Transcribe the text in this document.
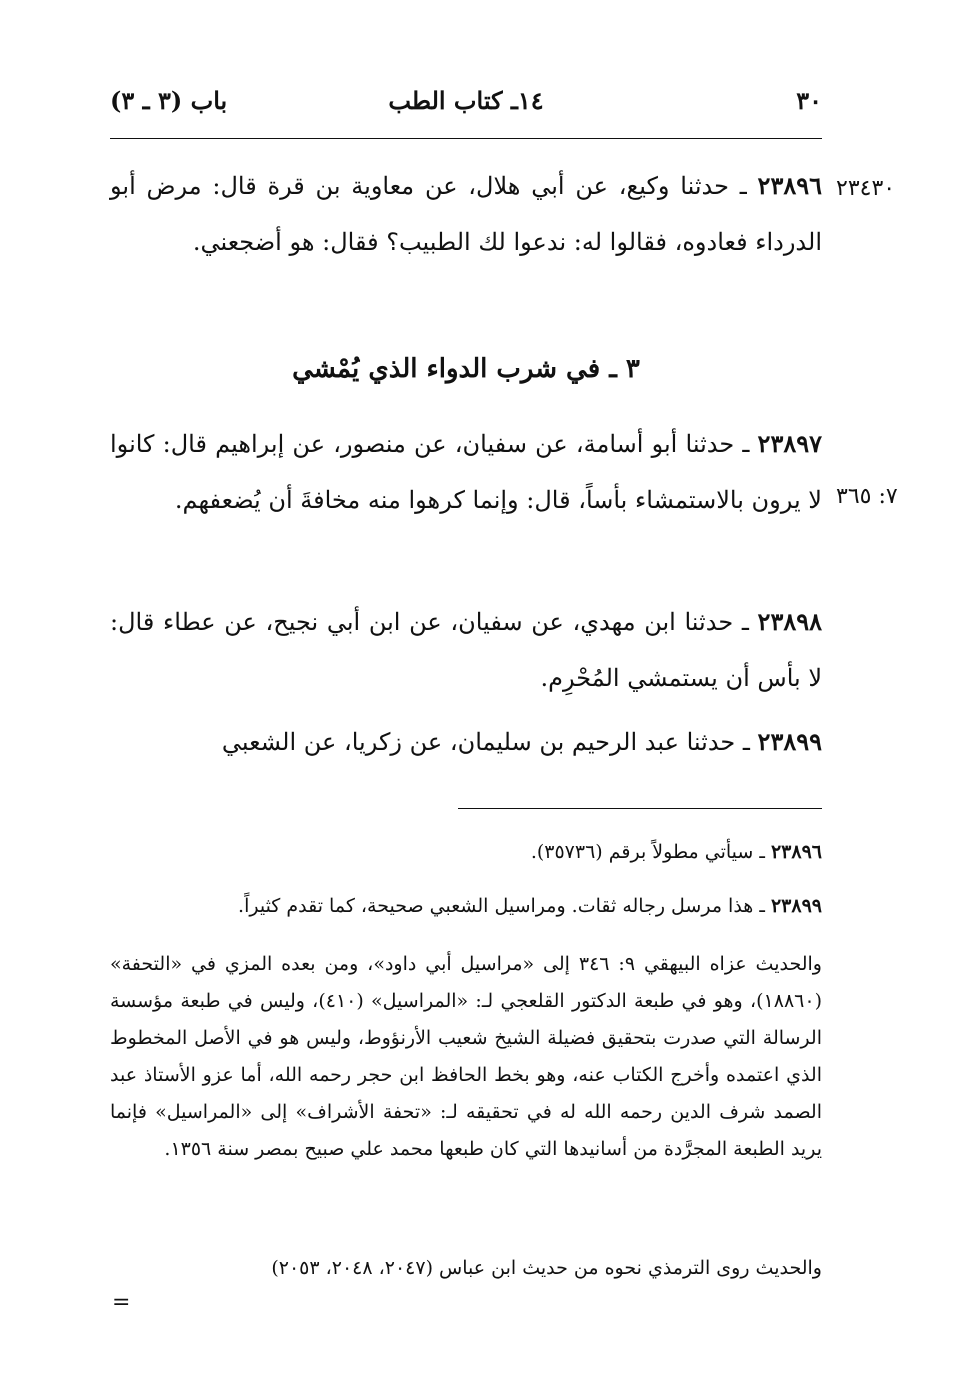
باب (٣ ـ ٣)	١٤ـ كتاب الطب	٣٠
٢٣٤٣٠
٧: ٣٦٥
٢٣٨٩٦ ـ حدثنا وكيع، عن أبي هلال، عن معاوية بن قرة قال: مرض أبو الدرداء فعادوه، فقالوا له: ندعوا لك الطبيب؟ فقال: هو أضجعني.
٣ ـ في شرب الدواء الذي يُمْشي
٢٣٨٩٧ ـ حدثنا أبو أسامة، عن سفيان، عن منصور، عن إبراهيم قال: كانوا لا يرون بالاستمشاء بأساً، قال: وإنما كرهوا منه مخافةَ أن يُضعفهم.
٢٣٨٩٨ ـ حدثنا ابن مهدي، عن سفيان، عن ابن أبي نجيح، عن عطاء قال: لا بأس أن يستمشي المُحْرِم.
٢٣٨٩٩ ـ حدثنا عبد الرحيم بن سليمان، عن زكريا، عن الشعبي
٢٣٨٩٦ ـ سيأتي مطولاً برقم (٣٥٧٣٦).
٢٣٨٩٩ ـ هذا مرسل رجاله ثقات. ومراسيل الشعبي صحيحة، كما تقدم كثيراً.
والحديث عزاه البيهقي ٩: ٣٤٦ إلى «مراسيل أبي داود»، ومن بعده المزي في «التحفة» (١٨٨٦٠)، وهو في طبعة الدكتور القلعجي لـ: «المراسيل» (٤١٠)، وليس في طبعة مؤسسة الرسالة التي صدرت بتحقيق فضيلة الشيخ شعيب الأرنؤوط، وليس هو في الأصل المخطوط الذي اعتمده وأخرج الكتاب عنه، وهو بخط الحافظ ابن حجر رحمه الله، أما عزو الأستاذ عبد الصمد شرف الدين رحمه الله له في تحقيقه لـ: «تحفة الأشراف» إلى «المراسيل» فإنما يريد الطبعة المجرَّدة من أسانيدها التي كان طبعها محمد علي صبيح بمصر سنة ١٣٥٦.
والحديث روى الترمذي نحوه من حديث ابن عباس (٢٠٤٧، ٢٠٤٨، ٢٠٥٣)
=
